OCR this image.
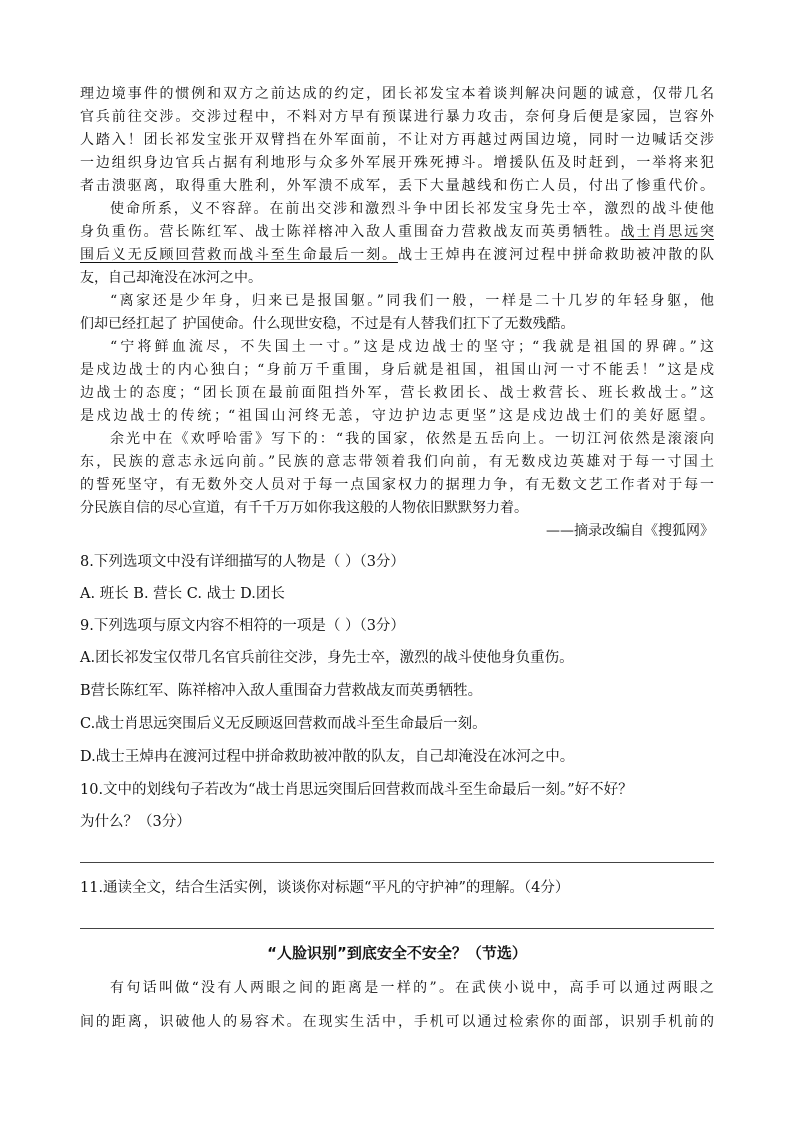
理边境事件的惯例和双方之前达成的约定，团长祁发宝本着谈判解决问题的诚意，仅带几名
官兵前往交涉。交涉过程中，不料对方早有预谋进行暴力攻击，奈何身后便是家园，岂容外
人踏入！团长祁发宝张开双臂挡在外军面前，不让对方再越过两国边境，同时一边喊话交涉
一边组织身边官兵占据有利地形与众多外军展开殊死搏斗。增援队伍及时赶到，一举将来犯
者击溃驱离，取得重大胜利，外军溃不成军，丢下大量越线和伤亡人员，付出了惨重代价。
使命所系，义不容辞。在前出交涉和激烈斗争中团长祁发宝身先士卒，激烈的战斗使他
身负重伤。营长陈红军、战士陈祥榕冲入敌人重围奋力营救战友而英勇牺牲。战士肖思远突
围后义无反顾回营救而战斗至生命最后一刻。战士王焯冉在渡河过程中拼命救助被冲散的队
友，自己却淹没在冰河之中。
“离家还是少年身，归来已是报国躯。”同我们一般，一样是二十几岁的年轻身躯，他
们却已经扛起了 护国使命。什么现世安稳，不过是有人替我们扛下了无数残酷。
“宁将鲜血流尽，不失国土一寸。”这是戍边战士的坚守；“我就是祖国的界碑。”这
是戍边战士的内心独白；“身前万千重围，身后就是祖国，祖国山河一寸不能丢！”这是戍
边战士的态度；“团长顶在最前面阻挡外军，营长救团长、战士救营长、班长救战士。”这
是戍边战士的传统；“祖国山河终无恙，守边护边志更坚”这是戍边战士们的美好愿望。
余光中在《欢呼哈雷》写下的：“我的国家，依然是五岳向上。一切江河依然是滚滚向
东，民族的意志永远向前。”民族的意志带领着我们向前，有无数戍边英雄对于每一寸国土
的誓死坚守，有无数外交人员对于每一点国家权力的据理力争，有无数文艺工作者对于每一
分民族自信的尽心宣道，有千千万万如你我这般的人物依旧默默努力着。
——摘录改编自《搜狐网》
8.下列选项文中没有详细描写的人物是（ ）（3分）
A. 班长 B. 营长 C. 战士 D.团长
9.下列选项与原文内容不相符的一项是（ ）（3分）
A.团长祁发宝仅带几名官兵前往交涉，身先士卒，激烈的战斗使他身负重伤。
B营长陈红军、陈祥榕冲入敌人重围奋力营救战友而英勇牺牲。
C.战士肖思远突围后义无反顾返回营救而战斗至生命最后一刻。
D.战士王焯冉在渡河过程中拼命救助被冲散的队友，自己却淹没在冰河之中。
10.文中的划线句子若改为“战士肖思远突围后回营救而战斗至生命最后一刻。”好不好？
为什么？（3分）
11.通读全文，结合生活实例，谈谈你对标题“平凡的守护神”的理解。（4分）
“人脸识别”到底安全不安全？（节选）
有句话叫做“没有人两眼之间的距离是一样的”。在武侠小说中，高手可以通过两眼之
间的距离，识破他人的易容术。在现实生活中，手机可以通过检索你的面部，识别手机前的
